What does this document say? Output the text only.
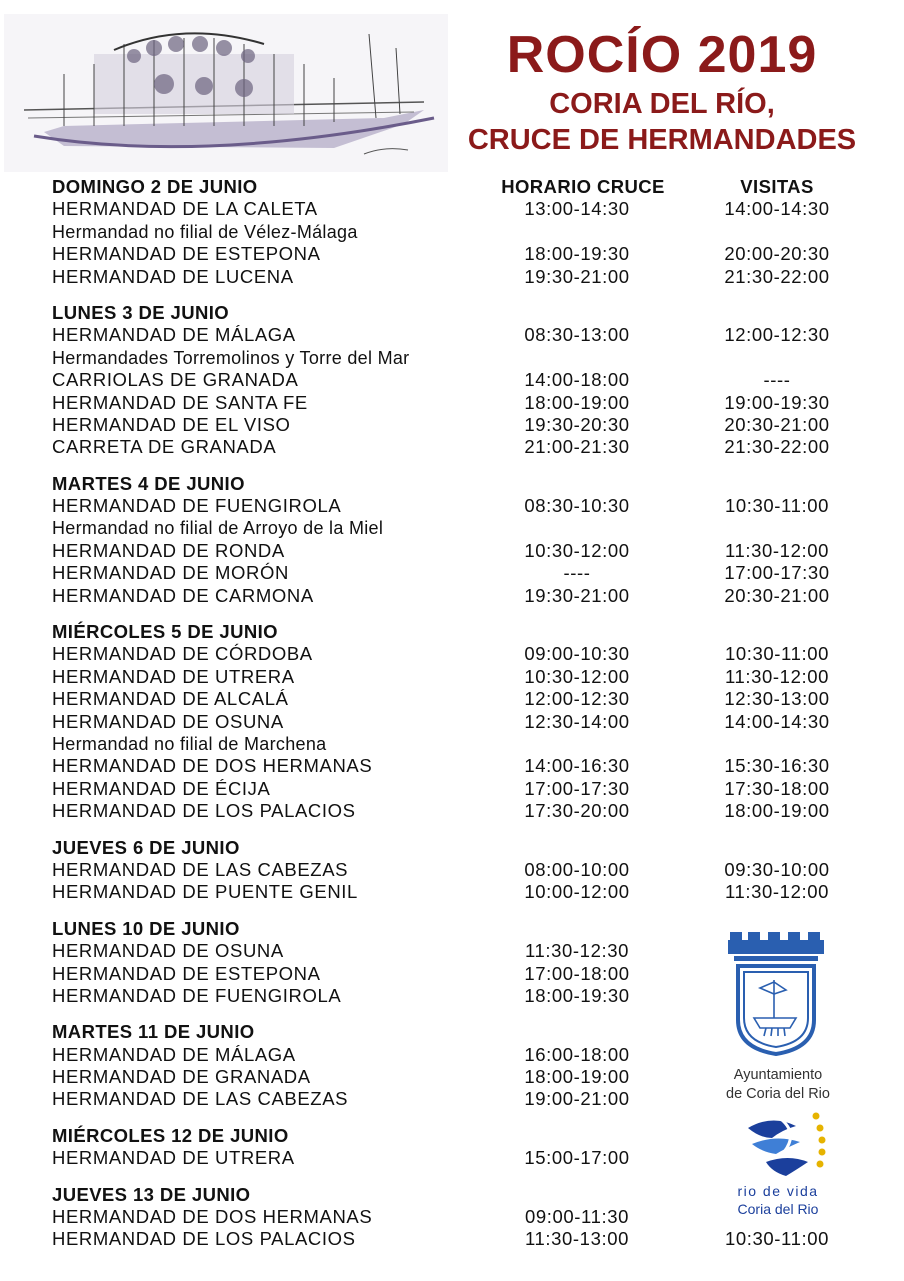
ROCÍO 2019
CORIA DEL RÍO,
CRUCE DE HERMANDADES
DOMINGO 2 DE JUNIO	HORARIO CRUCE	VISITAS
HERMANDAD DE LA CALETA	13:00-14:30	14:00-14:30
Hermandad no filial de Vélez-Málaga
HERMANDAD DE ESTEPONA	18:00-19:30	20:00-20:30
HERMANDAD DE LUCENA	19:30-21:00	21:30-22:00
LUNES 3 DE JUNIO
HERMANDAD DE MÁLAGA	08:30-13:00	12:00-12:30
Hermandades Torremolinos y Torre del Mar
CARRIOLAS DE GRANADA	14:00-18:00	----
HERMANDAD DE SANTA FE	18:00-19:00	19:00-19:30
HERMANDAD DE EL VISO	19:30-20:30	20:30-21:00
CARRETA DE GRANADA	21:00-21:30	21:30-22:00
MARTES 4 DE JUNIO
HERMANDAD DE FUENGIROLA	08:30-10:30	10:30-11:00
Hermandad no filial de Arroyo de la Miel
HERMANDAD DE RONDA	10:30-12:00	11:30-12:00
HERMANDAD DE MORÓN	----	17:00-17:30
HERMANDAD DE CARMONA	19:30-21:00	20:30-21:00
MIÉRCOLES 5 DE JUNIO
HERMANDAD DE CÓRDOBA	09:00-10:30	10:30-11:00
HERMANDAD DE UTRERA	10:30-12:00	11:30-12:00
HERMANDAD DE ALCALÁ	12:00-12:30	12:30-13:00
HERMANDAD DE OSUNA	12:30-14:00	14:00-14:30
Hermandad no filial de Marchena
HERMANDAD DE DOS HERMANAS	14:00-16:30	15:30-16:30
HERMANDAD DE ÉCIJA	17:00-17:30	17:30-18:00
HERMANDAD DE LOS PALACIOS	17:30-20:00	18:00-19:00
JUEVES 6 DE JUNIO
HERMANDAD DE LAS CABEZAS	08:00-10:00	09:30-10:00
HERMANDAD DE PUENTE GENIL	10:00-12:00	11:30-12:00
LUNES 10 DE JUNIO
HERMANDAD DE OSUNA	11:30-12:30
HERMANDAD DE ESTEPONA	17:00-18:00
HERMANDAD DE FUENGIROLA	18:00-19:30
MARTES 11 DE JUNIO
HERMANDAD DE MÁLAGA	16:00-18:00
HERMANDAD DE GRANADA	18:00-19:00
HERMANDAD DE LAS CABEZAS	19:00-21:00
MIÉRCOLES 12 DE JUNIO
HERMANDAD DE UTRERA	15:00-17:00
JUEVES 13 DE JUNIO
HERMANDAD DE DOS HERMANAS	09:00-11:30
HERMANDAD DE LOS PALACIOS	11:30-13:00	10:30-11:00
Ayuntamiento
de Coria del Rio
rio de vida
Coria del Rio
